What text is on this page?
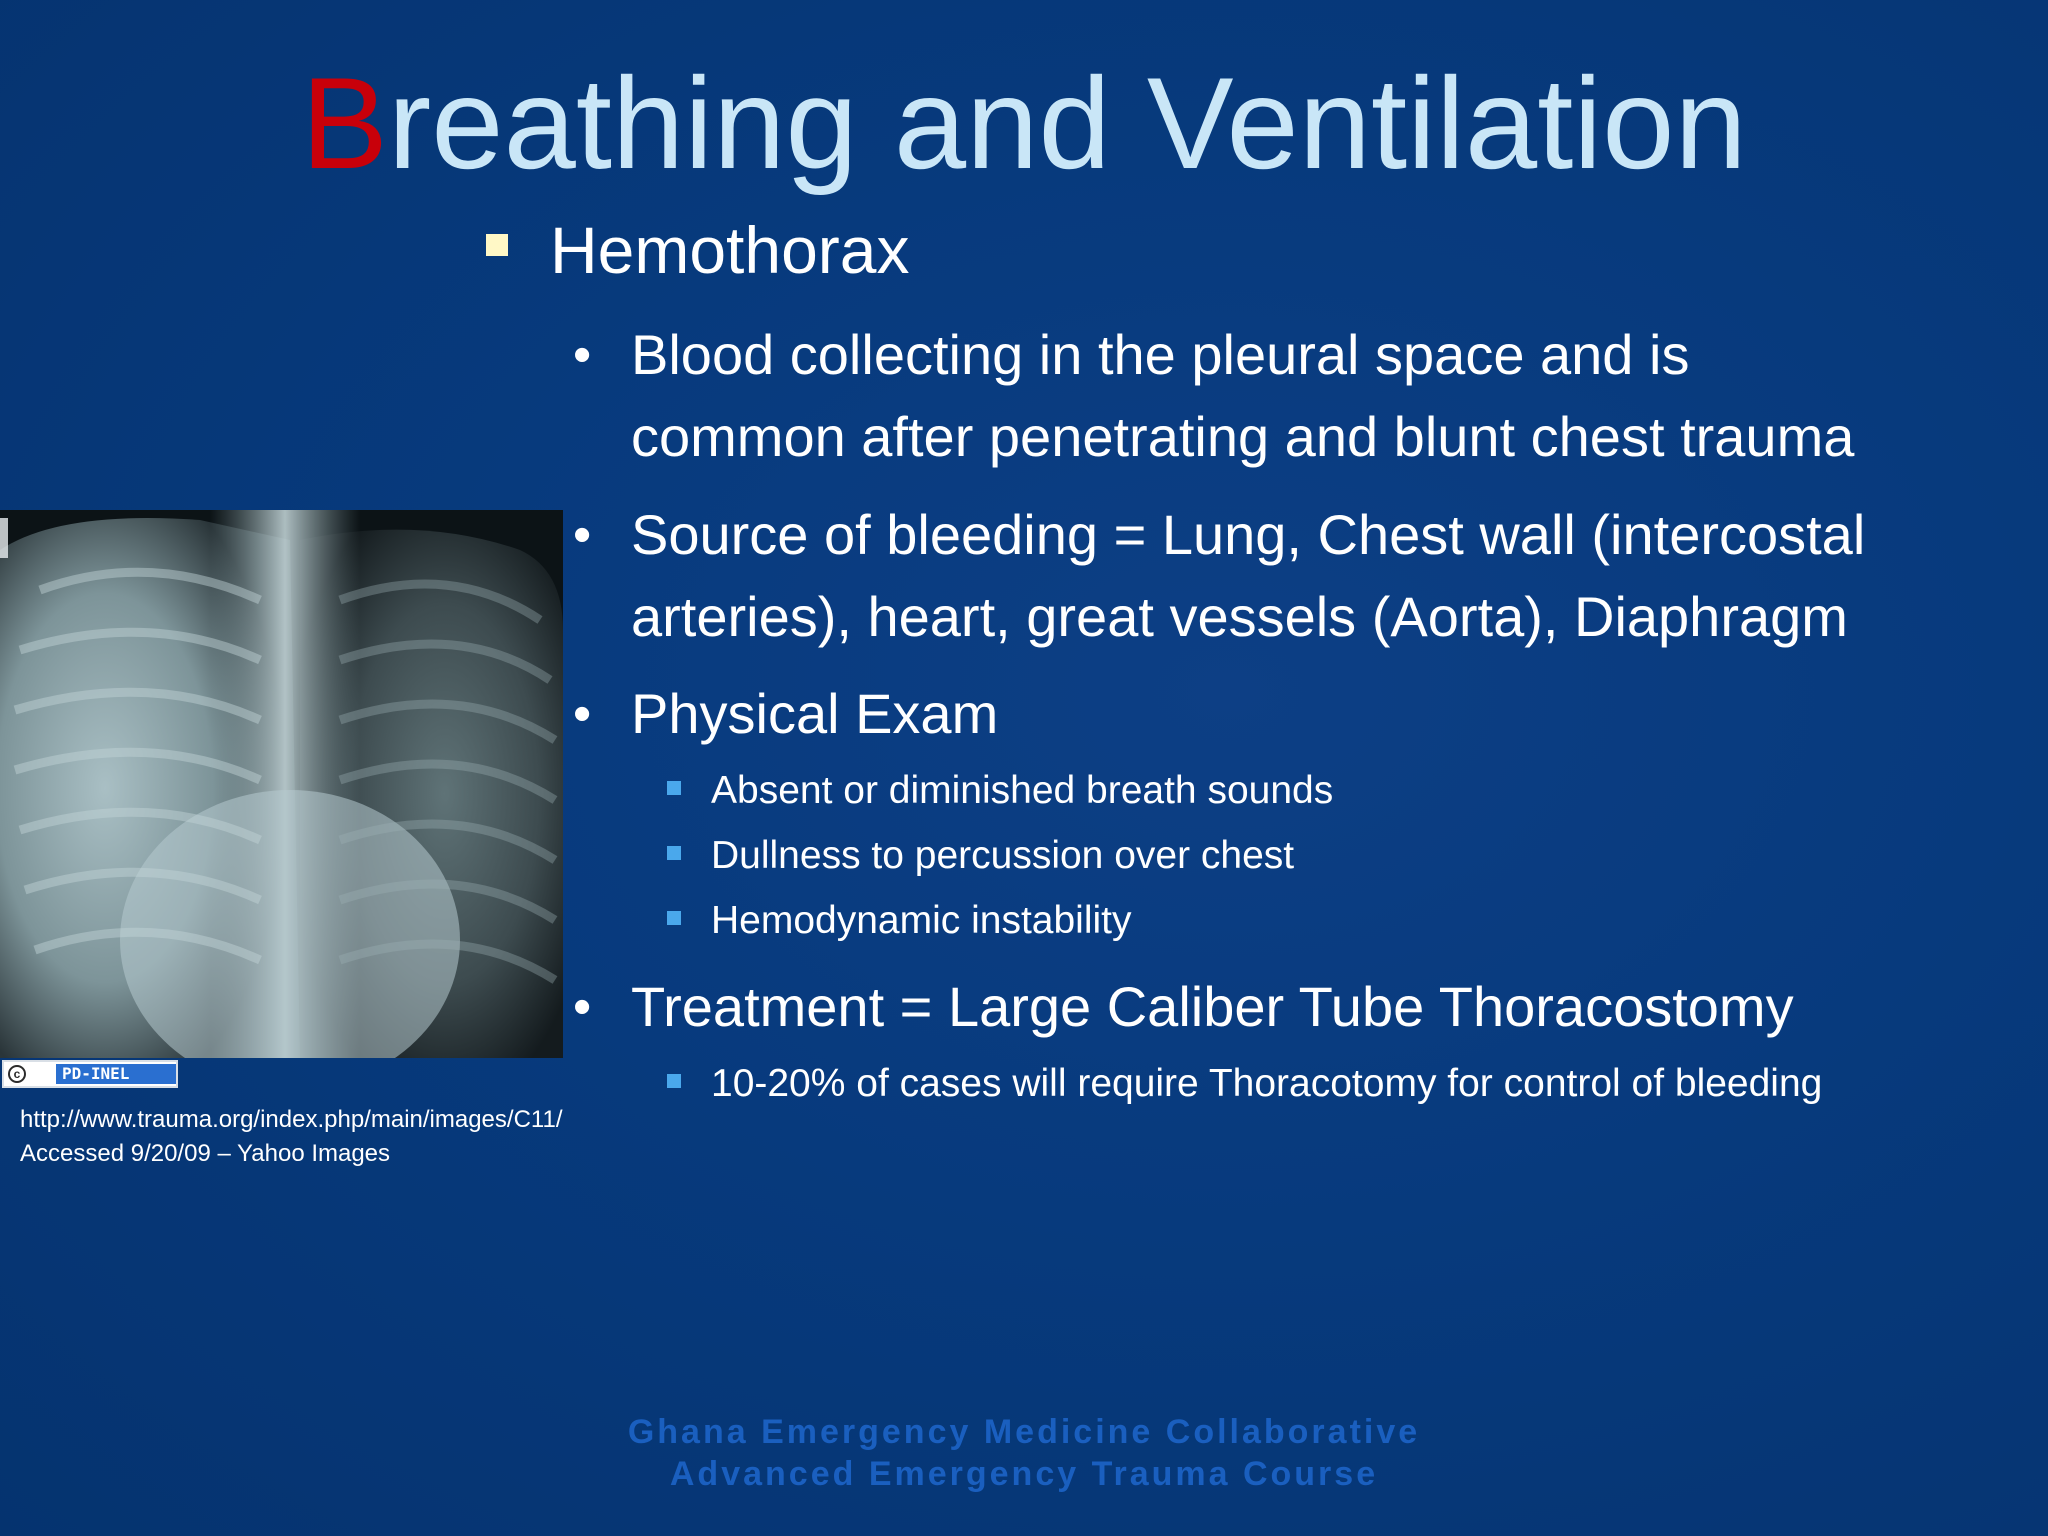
Breathing and Ventilation
Hemothorax
• Blood collecting in the pleural space and is
common after penetrating and blunt chest trauma
• Source of bleeding = Lung, Chest wall (intercostal
arteries), heart, great vessels (Aorta), Diaphragm
• Physical Exam
Absent or diminished breath sounds
Dullness to percussion over chest
Hemodynamic instability
• Treatment = Large Caliber Tube Thoracostomy
10-20% of cases will require Thoracotomy for control of bleeding
c	PD-INEL
http://www.trauma.org/index.php/main/images/C11/
Accessed 9/20/09 – Yahoo Images
Ghana Emergency Medicine Collaborative
Advanced Emergency Trauma Course
